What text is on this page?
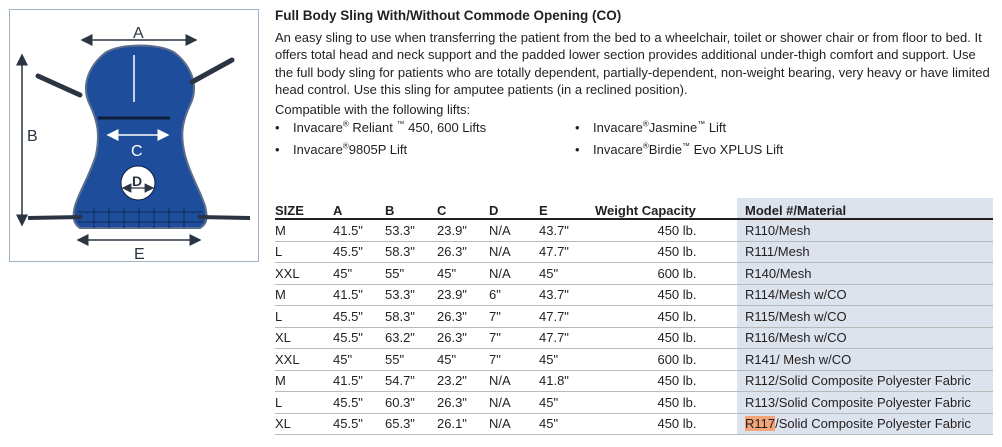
A
B
C
D
E

Full Body Sling With/Without Commode Opening (CO)

An easy sling to use when transferring the patient from the bed to a wheelchair, toilet or shower chair or from floor to bed. It offers total head and neck support and the padded lower section provides additional under-thigh comfort and support. Use the full body sling for patients who are totally dependent, partially-dependent, non-weight bearing, very heavy or have limited head control. Use this sling for amputee patients (in a reclined position).

Compatible with the following lifts:
• Invacare® Reliant ™ 450, 600 Lifts	• Invacare®Jasmine™ Lift
• Invacare®9805P Lift	• Invacare®Birdie™ Evo XPLUS Lift
SIZE	A	B	C	D	E	Weight Capacity	Model #/Material
M	41.5"	53.3"	23.9"	N/A	43.7"	450 lb.	R110/Mesh
L	45.5"	58.3"	26.3"	N/A	47.7"	450 lb.	R111/Mesh
XXL	45"	55"	45"	N/A	45"	600 lb.	R140/Mesh
M	41.5"	53.3"	23.9"	6"	43.7"	450 lb.	R114/Mesh w/CO
L	45.5"	58.3"	26.3"	7"	47.7"	450 lb.	R115/Mesh w/CO
XL	45.5"	63.2"	26.3"	7"	47.7"	450 lb.	R116/Mesh w/CO
XXL	45"	55"	45"	7"	45"	600 lb.	R141/ Mesh w/CO
M	41.5"	54.7"	23.2"	N/A	41.8"	450 lb.	R112/Solid Composite Polyester Fabric
L	45.5"	60.3"	26.3"	N/A	45"	450 lb.	R113/Solid Composite Polyester Fabric
XL	45.5"	65.3"	26.1"	N/A	45"	450 lb.	R117/Solid Composite Polyester Fabric
